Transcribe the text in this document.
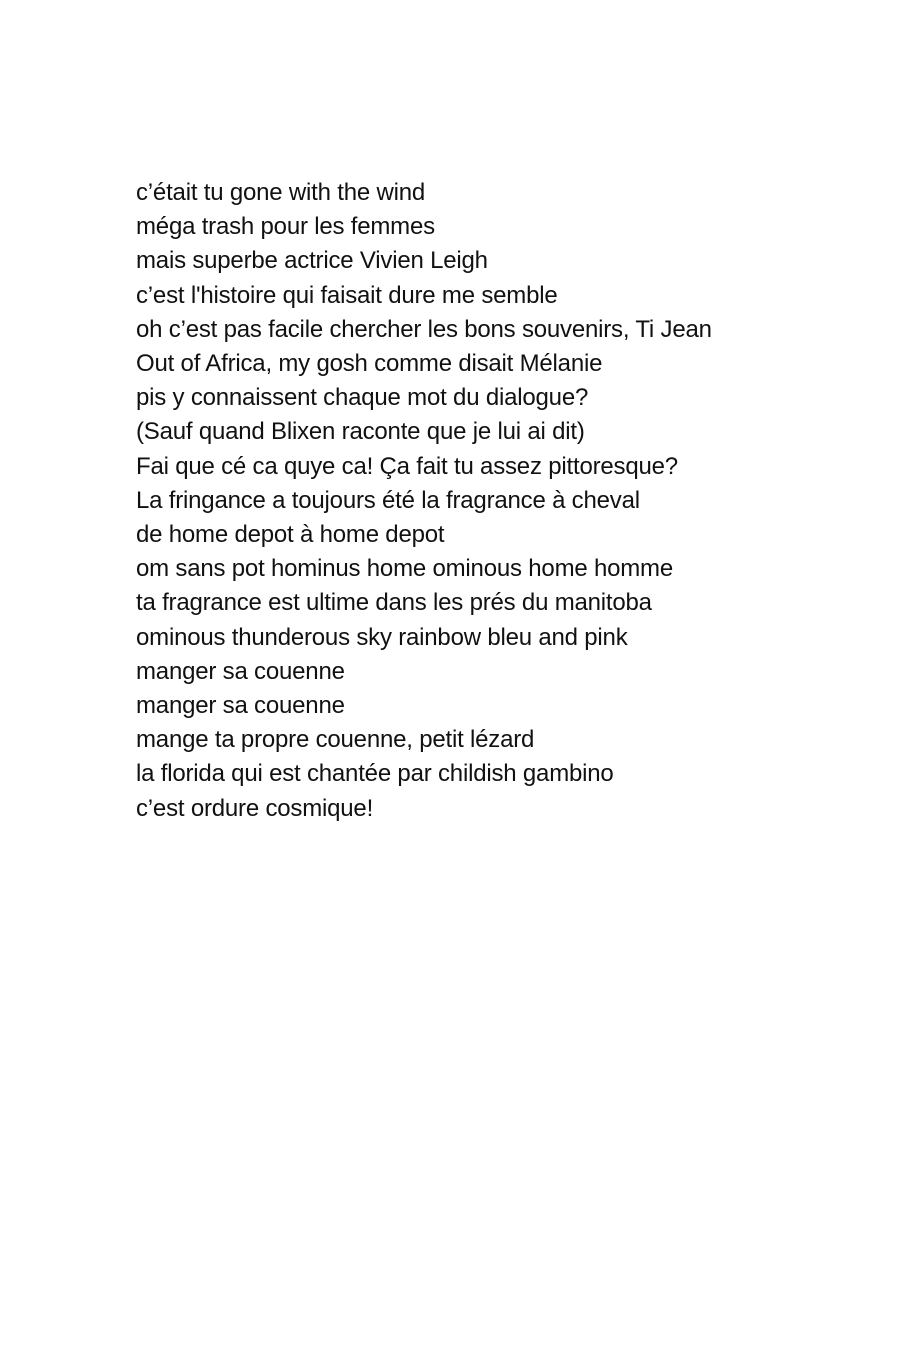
c’était tu gone with the wind
méga trash pour les femmes
mais superbe actrice Vivien Leigh
c’est l'histoire qui faisait dure me semble
oh c’est pas facile chercher les bons souvenirs, Ti Jean
Out of Africa, my gosh comme disait Mélanie
pis y connaissent chaque mot du dialogue?
(Sauf quand Blixen raconte que je lui ai dit)
Fai que cé ca quye ca! Ça fait tu assez pittoresque?
La fringance a toujours été la fragrance à cheval
de home depot à home depot
om sans pot hominus home ominous home homme
ta fragrance est ultime dans les prés du manitoba
ominous thunderous sky rainbow bleu and pink
manger sa couenne
manger sa couenne
mange ta propre couenne, petit lézard
la florida qui est chantée par childish gambino
c’est ordure cosmique!
